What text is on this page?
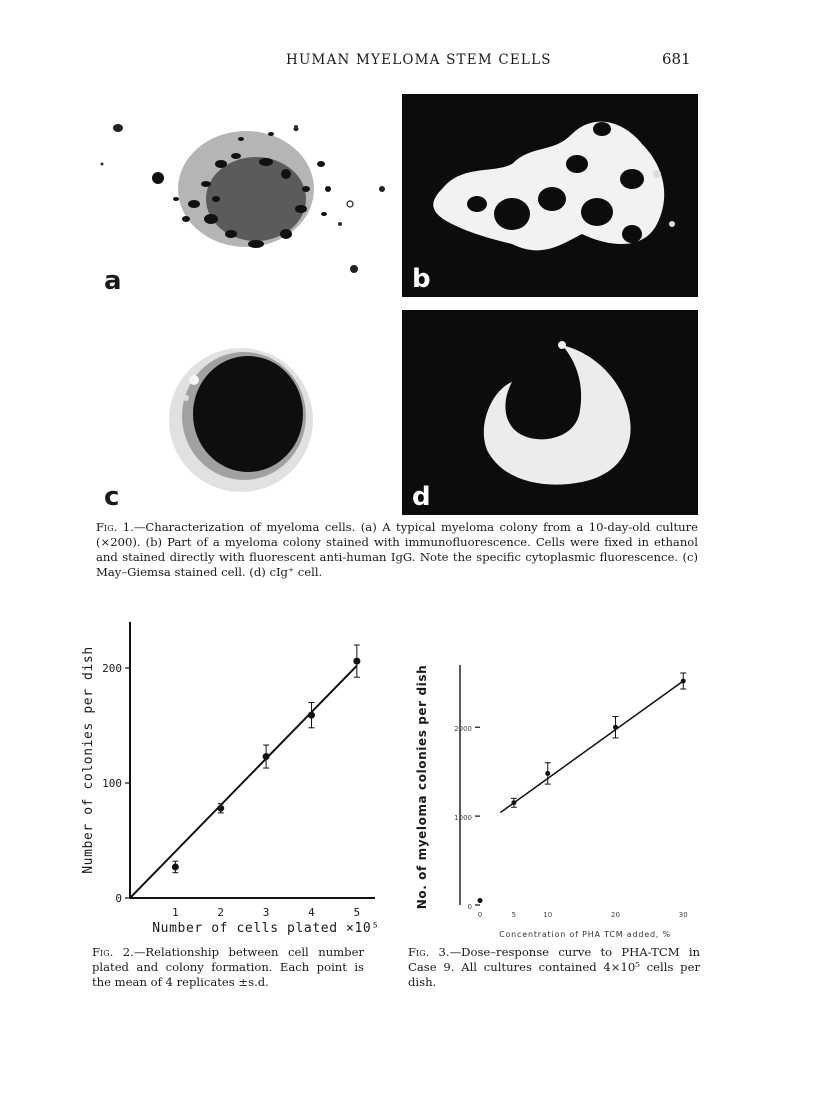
HUMAN MYELOMA STEM CELLS	681
a	b
c	d
Fig. 1.—Characterization of myeloma cells. (a) A typical myeloma colony from a 10-day-old culture (×200). (b) Part of a myeloma colony stained with immunofluorescence. Cells were fixed in ethanol and stained directly with fluorescent anti-human IgG. Note the specific cytoplasmic fluorescence. (c) May–Giemsa stained cell. (d) cIg⁺ cell.
Number of colonies per dish
Number of cells plated ×10⁵
0
100
200
1	2	3	4	5
Fig. 2.—Relationship between cell number plated and colony formation. Each point is the mean of 4 replicates ±s.d.
No. of myeloma colonies per dish
Concentration of PHA TCM added, %
0
1000
2000
0	5	10	20	30
Fig. 3.—Dose–response curve to PHA-TCM in Case 9. All cultures contained 4×10⁵ cells per dish.
